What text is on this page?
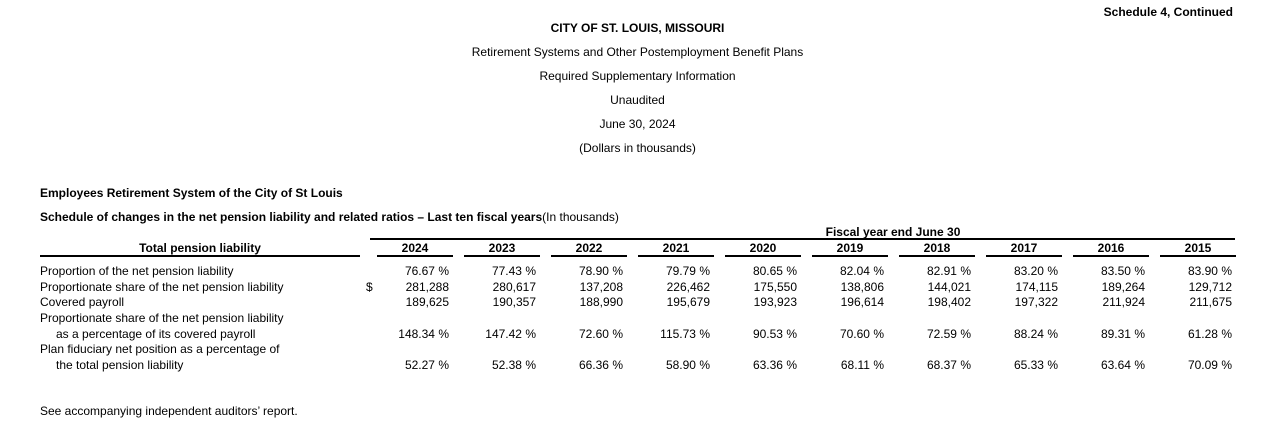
Schedule 4, Continued
CITY OF ST. LOUIS, MISSOURI
Retirement Systems and Other Postemployment Benefit Plans
Required Supplementary Information
Unaudited
June 30, 2024
(Dollars in thousands)
Employees Retirement System of the City of St Louis
Schedule of changes in the net pension liability and related ratios – Last ten fiscal years(In thousands)
Fiscal year end June 30
Total pension liability	2024	2023	2022	2021	2020	2019	2018	2017	2016	2015
Proportion of the net pension liability	76.67 %	77.43 %	78.90 %	79.79 %	80.65 %	82.04 %	82.91 %	83.20 %	83.50 %	83.90 %
Proportionate share of the net pension liability	281,288	280,617	137,208	226,462	175,550	138,806	144,021	174,115	189,264	129,712
Covered payroll	189,625	190,357	188,990	195,679	193,923	196,614	198,402	197,322	211,924	211,675
Proportionate share of the net pension liability
as a percentage of its covered payroll	148.34 %	147.42 %	72.60 %	115.73 %	90.53 %	70.60 %	72.59 %	88.24 %	89.31 %	61.28 %
Plan fiduciary net position as a percentage of
the total pension liability	52.27 %	52.38 %	66.36 %	58.90 %	63.36 %	68.11 %	68.37 %	65.33 %	63.64 %	70.09 %
$
See accompanying independent auditors’ report.
